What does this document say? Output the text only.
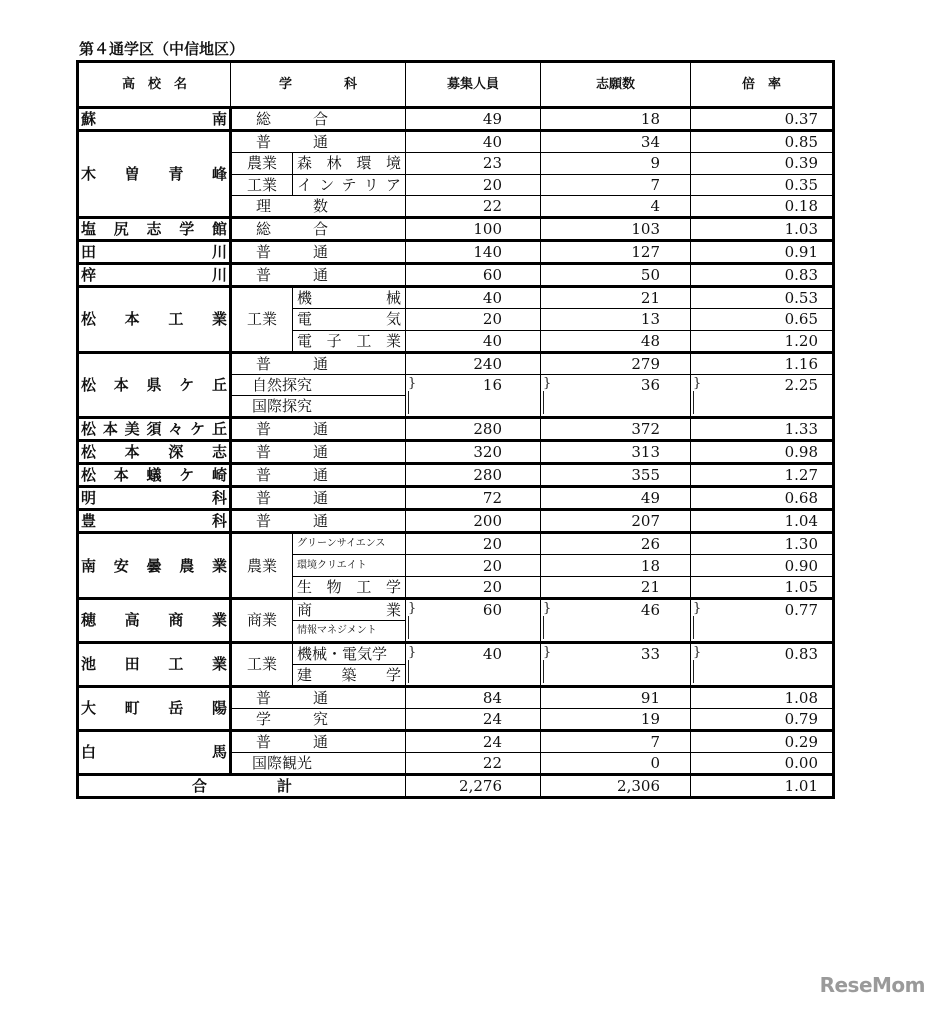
第４通学区（中信地区）
高　校　名	学　　　　科		募集人員	志願数	倍　率
蘇南	総合		49	18	0.37
木曽青峰	普通		40	34	0.85
	農業	森林環境	23	9	0.39
	工業	インテリア	20	7	0.35
	理数		22	4	0.18
塩尻志学館	総合		100	103	1.03
田川	普通		140	127	0.91
梓川	普通		60	50	0.83
松本工業	工業	機械	40	21	0.53
		電気	20	13	0.65
		電子工業	40	48	1.20
松本県ケ丘	普通		240	279	1.16
	自然探究		} 16	} 36	} 2.25
	国際探究				
松本美須々ケ丘	普通		280	372	1.33
松本深志	普通		320	313	0.98
松本蟻ケ崎	普通		280	355	1.27
明科	普通		72	49	0.68
豊科	普通		200	207	1.04
南安曇農業	農業	グリーンサイエンス	20	26	1.30
		環境クリエイト	20	18	0.90
		生物工学	20	21	1.05
穂高商業	商業	商業	} 60	} 46	} 0.77
		情報マネジメント			
池田工業	工業	機械・電気学	} 40	} 33	} 0.83
		建築学			
大町岳陽	普通		84	91	1.08
	学究		24	19	0.79
白馬	普通		24	7	0.29
	国際観光		22	0	0.00
合計			2,276	2,306	1.01
ReseMom
